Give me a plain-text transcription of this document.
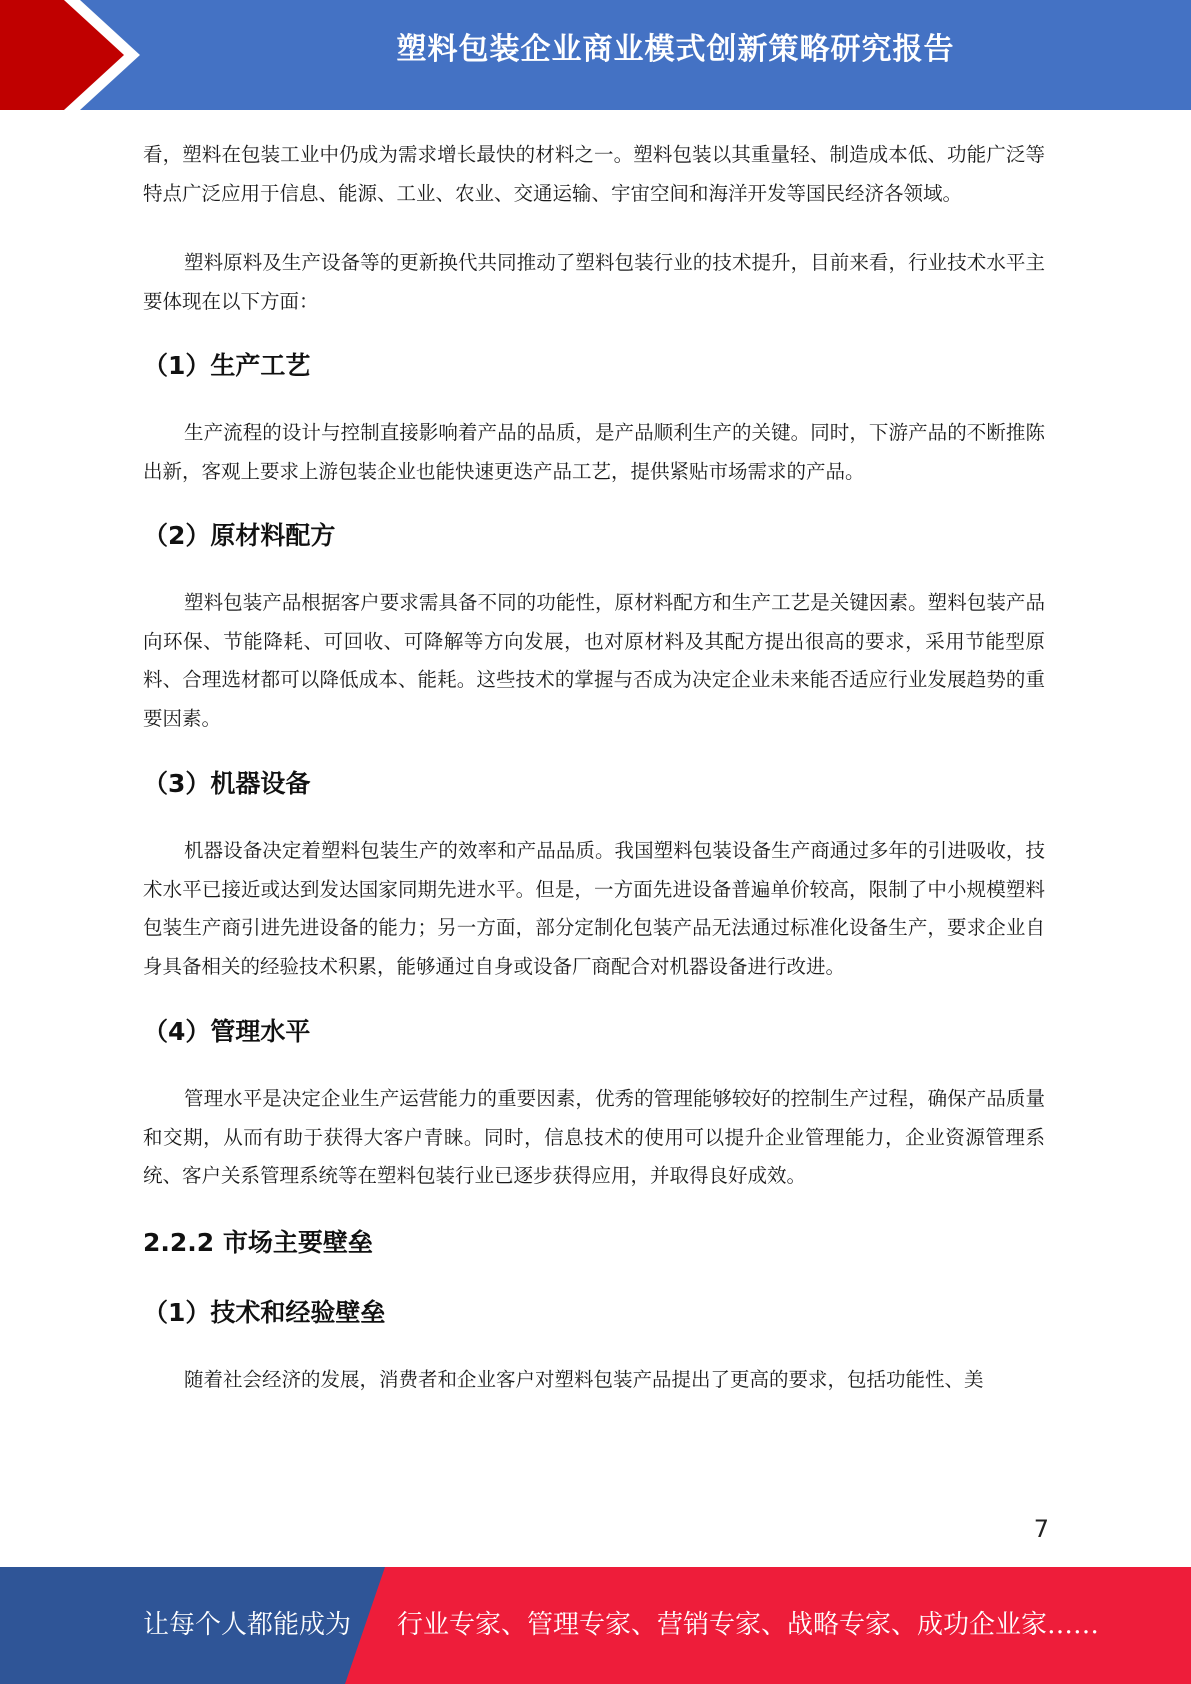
塑料包装企业商业模式创新策略研究报告

看，塑料在包装工业中仍成为需求增长最快的材料之一。塑料包装以其重量轻、制造成本低、功能广泛等特点广泛应用于信息、能源、工业、农业、交通运输、宇宙空间和海洋开发等国民经济各领域。

塑料原料及生产设备等的更新换代共同推动了塑料包装行业的技术提升，目前来看，行业技术水平主要体现在以下方面：

（1）生产工艺

生产流程的设计与控制直接影响着产品的品质，是产品顺利生产的关键。同时，下游产品的不断推陈出新，客观上要求上游包装企业也能快速更迭产品工艺，提供紧贴市场需求的产品。

（2）原材料配方

塑料包装产品根据客户要求需具备不同的功能性，原材料配方和生产工艺是关键因素。塑料包装产品向环保、节能降耗、可回收、可降解等方向发展，也对原材料及其配方提出很高的要求，采用节能型原料、合理选材都可以降低成本、能耗。这些技术的掌握与否成为决定企业未来能否适应行业发展趋势的重要因素。

（3）机器设备

机器设备决定着塑料包装生产的效率和产品品质。我国塑料包装设备生产商通过多年的引进吸收，技术水平已接近或达到发达国家同期先进水平。但是，一方面先进设备普遍单价较高，限制了中小规模塑料包装生产商引进先进设备的能力；另一方面，部分定制化包装产品无法通过标准化设备生产，要求企业自身具备相关的经验技术积累，能够通过自身或设备厂商配合对机器设备进行改进。

（4）管理水平

管理水平是决定企业生产运营能力的重要因素，优秀的管理能够较好的控制生产过程，确保产品质量和交期，从而有助于获得大客户青睐。同时，信息技术的使用可以提升企业管理能力，企业资源管理系统、客户关系管理系统等在塑料包装行业已逐步获得应用，并取得良好成效。

2.2.2 市场主要壁垒
（1）技术和经验壁垒

随着社会经济的发展，消费者和企业客户对塑料包装产品提出了更高的要求，包括功能性、美

7
让每个人都能成为 行业专家、管理专家、营销专家、战略专家、成功企业家……
